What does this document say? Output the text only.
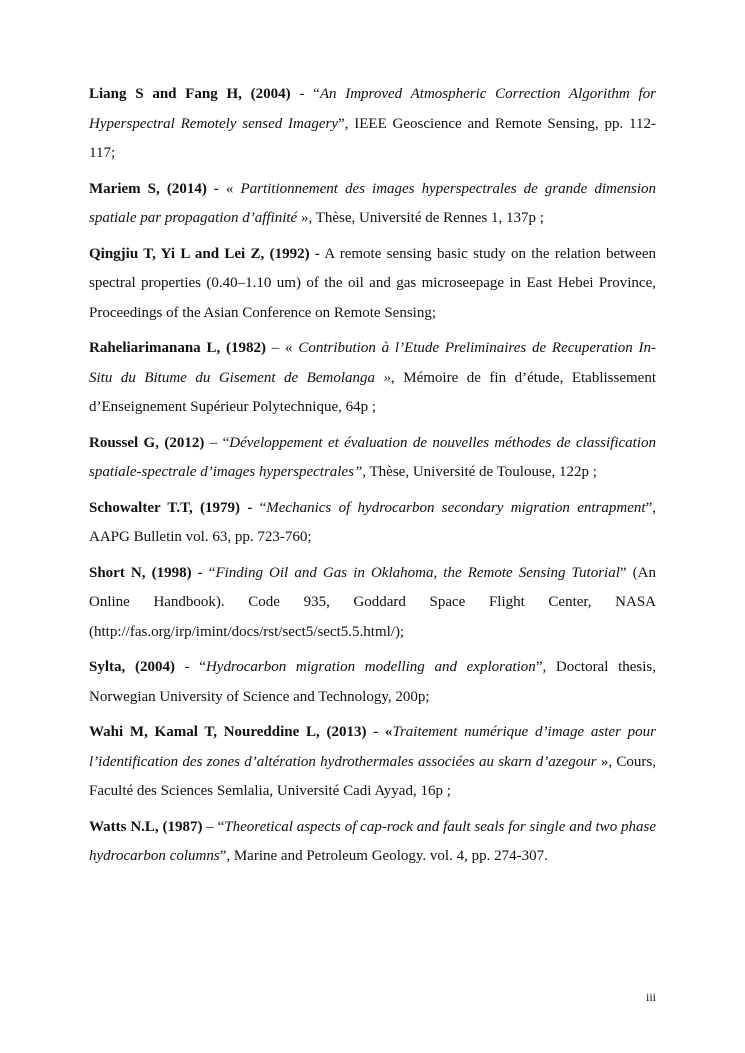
Liang S and Fang H, (2004) - “An Improved Atmospheric Correction Algorithm for Hyperspectral Remotely sensed Imagery”, IEEE Geoscience and Remote Sensing, pp. 112-117;

Mariem S, (2014) - « Partitionnement des images hyperspectrales de grande dimension spatiale par propagation d’affinité », Thèse, Université de Rennes 1, 137p ;

Qingjiu T, Yi L and Lei Z, (1992) - A remote sensing basic study on the relation between spectral properties (0.40–1.10 um) of the oil and gas microseepage in East Hebei Province, Proceedings of the Asian Conference on Remote Sensing;

Raheliarimanana L, (1982) – « Contribution à l’Etude Preliminaires de Recuperation In-Situ du Bitume du Gisement de Bemolanga », Mémoire de fin d’étude, Etablissement d’Enseignement Supérieur Polytechnique, 64p ;

Roussel G, (2012) – “Développement et évaluation de nouvelles méthodes de classification spatiale-spectrale d’images hyperspectrales”, Thèse, Université de Toulouse, 122p ;

Schowalter T.T, (1979) - “Mechanics of hydrocarbon secondary migration entrapment”, AAPG Bulletin vol. 63, pp. 723-760;

Short N, (1998) - “Finding Oil and Gas in Oklahoma, the Remote Sensing Tutorial” (An Online Handbook). Code 935, Goddard Space Flight Center, NASA (http://fas.org/irp/imint/docs/rst/sect5/sect5.5.html/);

Sylta, (2004) - “Hydrocarbon migration modelling and exploration”, Doctoral thesis, Norwegian University of Science and Technology, 200p;

Wahi M, Kamal T, Noureddine L, (2013) - «Traitement numérique d’image aster pour l’identification des zones d’altération hydrothermales associées au skarn d’azegour », Cours, Faculté des Sciences Semlalia, Université Cadi Ayyad, 16p ;

Watts N.L, (1987) – “Theoretical aspects of cap-rock and fault seals for single and two phase hydrocarbon columns”, Marine and Petroleum Geology. vol. 4, pp. 274-307.

iii
